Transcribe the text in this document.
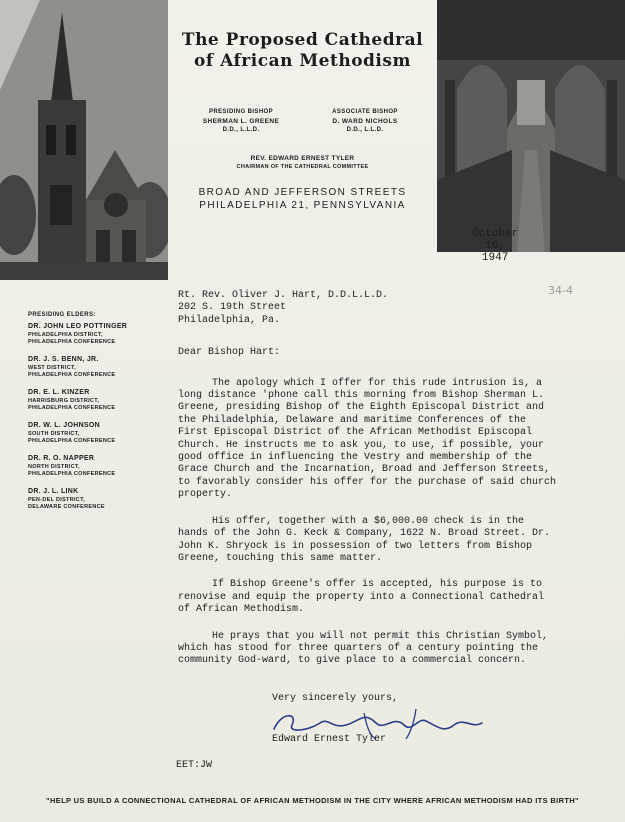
The Proposed Cathedral
of African Methodism
PRESIDING BISHOP
SHERMAN L. GREENE
D.D., L.L.D.
ASSOCIATE BISHOP
D. WARD NICHOLS
D.D., L.L.D.
REV. EDWARD ERNEST TYLER
CHAIRMAN OF THE CATHEDRAL COMMITTEE
BROAD AND JEFFERSON STREETS
PHILADELPHIA 21, PENNSYLVANIA
October 16, 1947
34-4
PRESIDING ELDERS:
DR. JOHN LEO POTTINGER
PHILADELPHIA DISTRICT,
PHILADELPHIA CONFERENCE
DR. J. S. BENN, JR.
WEST DISTRICT,
PHILADELPHIA CONFERENCE
DR. E. L. KINZER
HARRISBURG DISTRICT,
PHILADELPHIA CONFERENCE
DR. W. L. JOHNSON
SOUTH DISTRICT,
PHILADELPHIA CONFERENCE
DR. R. O. NAPPER
NORTH DISTRICT,
PHILADELPHIA CONFERENCE
DR. J. L. LINK
PEN-DEL DISTRICT,
DELAWARE CONFERENCE

Rt. Rev. Oliver J. Hart, D.D.L.L.D.

202 S. 19th Street

Philadelphia, Pa.

Dear Bishop Hart:

The apology which I offer for this rude intrusion is, a long distance 'phone call this morning from Bishop Sherman L. Greene, presiding Bishop of the Eighth Episcopal District and the Philadelphia, Delaware and maritime Conferences of the First Episcopal District of the African Methodist Episcopal Church. He instructs me to ask you, to use, if possible, your good office in influencing the Vestry and membership of the Grace Church and the Incarnation, Broad and Jefferson Streets, to favorably consider his offer for the purchase of said church property.

His offer, together with a $6,000.00 check is in the hands of the John G. Keck & Company, 1622 N. Broad Street. Dr. John K. Shryock is in possession of two letters from Bishop Greene, touching this same matter.

If Bishop Greene's offer is accepted, his purpose is to renovise and equip the property into a Connectional Cathedral of African Methodism.

He prays that you will not permit this Christian Symbol, which has stood for three quarters of a century pointing the community God-ward, to give place to a commercial concern.

Very sincerely yours,
Edward Ernest Tyler
EET:JW
"HELP US BUILD A CONNECTIONAL CATHEDRAL OF AFRICAN METHODISM IN THE CITY WHERE AFRICAN METHODISM HAD ITS BIRTH"
